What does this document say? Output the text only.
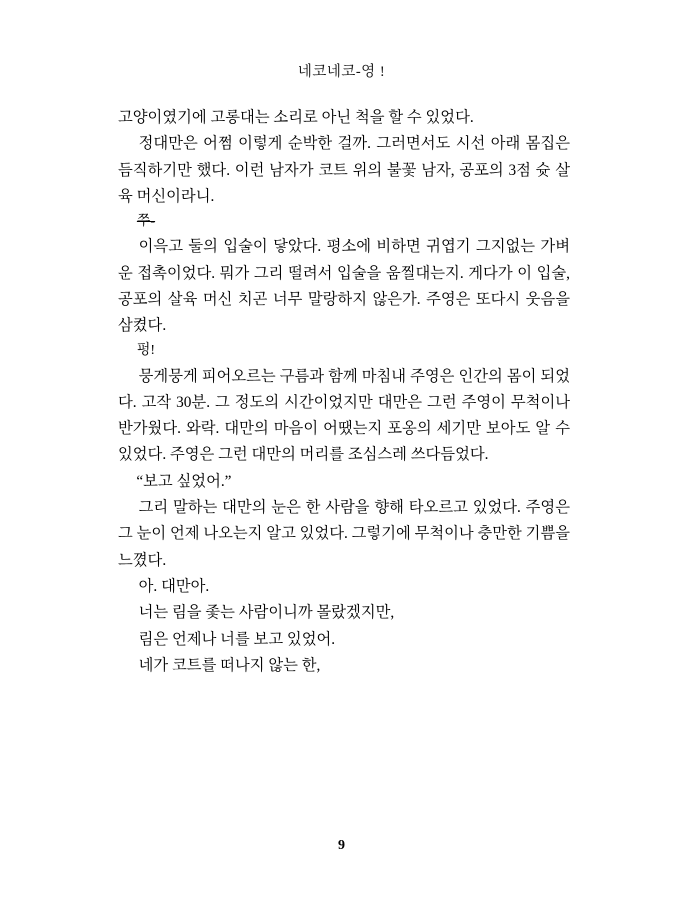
네코네코-영 !

고양이였기에 고롱대는 소리로 아닌 척을 할 수 있었다.

정대만은 어쩜 이렇게 순박한 걸까. 그러면서도 시선 아래 몸집은 듬직하기만 했다. 이런 남자가 코트 위의 불꽃 남자, 공포의 3점 슛 살육 머신이라니.

쭈-

이윽고 둘의 입술이 닿았다. 평소에 비하면 귀엽기 그지없는 가벼운 접촉이었다. 뭐가 그리 떨려서 입술을 움찔대는지. 게다가 이 입술, 공포의 살육 머신 치곤 너무 말랑하지 않은가. 주영은 또다시 웃음을 삼켰다.

펑!

뭉게뭉게 피어오르는 구름과 함께 마침내 주영은 인간의 몸이 되었다. 고작 30분. 그 정도의 시간이었지만 대만은 그런 주영이 무척이나 반가웠다. 와락. 대만의 마음이 어땠는지 포옹의 세기만 보아도 알 수 있었다. 주영은 그런 대만의 머리를 조심스레 쓰다듬었다.

“보고 싶었어.”

그리 말하는 대만의 눈은 한 사람을 향해 타오르고 있었다. 주영은 그 눈이 언제 나오는지 알고 있었다. 그렇기에 무척이나 충만한 기쁨을 느꼈다.

아. 대만아.

너는 림을 좇는 사람이니까 몰랐겠지만,

림은 언제나 너를 보고 있었어.

네가 코트를 떠나지 않는 한,

9
